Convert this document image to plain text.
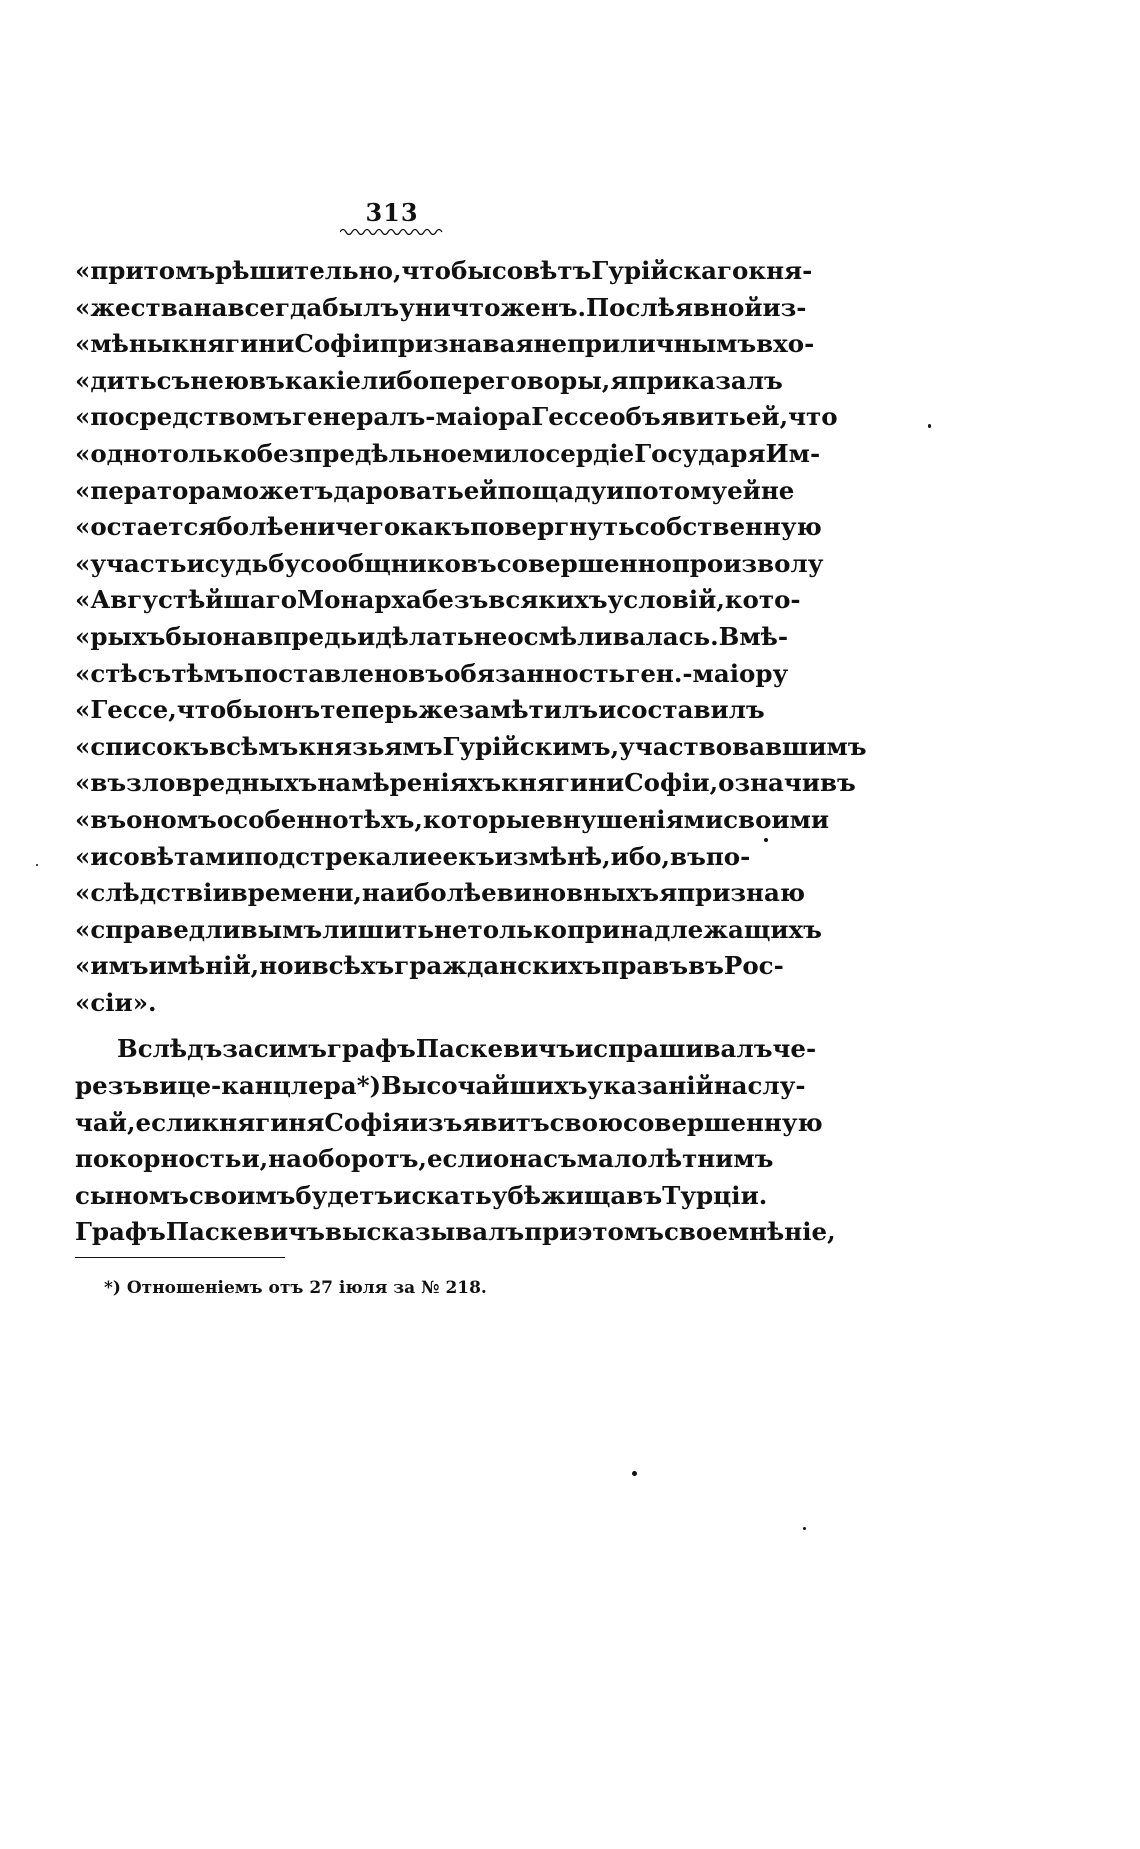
313
«притомъ рѣшительно, чтобы совѣтъ Гурійскаго кня-
«жества навсегда былъ уничтоженъ. Послѣ явной из-
«мѣны княгини Софіи признавая неприличнымъ вхо-
«дить съ нею въ какіе либо переговоры, я приказалъ
«посредствомъ генералъ-маіора Гессе объявить ей, что
«одно только безпредѣльное милосердіе Государя Им-
«ператора можетъ даровать ей пощаду и потому ей не
«остается болѣе ничего какъ повергнуть собственную
«участь и судьбу сообщниковъ совершенно произволу
«Августѣйшаго Монарха безъ всякихъ условій, кото-
«рыхъ бы она впредь и дѣлать не осмѣливалась. Вмѣ-
«стѣ съ тѣмъ поставлено въ обязанность ген.-маіору
«Гессе, чтобы онъ теперь же замѣтилъ и составилъ
«списокъ всѣмъ князьямъ Гурійскимъ, участвовавшимъ
«въ зловредныхъ намѣреніяхъ княгини Софіи, означивъ
«въ ономъ особенно тѣхъ, которые внушеніями своими
«и совѣтами подстрекали ее къ измѣнѣ, ибо, въ по-
«слѣдствіи времени, наиболѣе виновныхъ я признаю
«справедливымъ лишить не только принадлежащихъ
«имъ имѣній, но и всѣхъ гражданскихъ правъ въ Рос-
«сіи».
Вслѣдъ за симъ графъ Паскевичъ испрашивалъ че-
резъ вице-канцлера *) Высочайшихъ указаній на слу-
чай, если княгиня Софія изъявитъ свою совершенную
покорность и, наоборотъ, если она съ малолѣтнимъ
сыномъ своимъ будетъ искать убѣжища въ Турціи.
Графъ Паскевичъ высказывалъ при этомъ свое мнѣніе,
*) Отношеніемъ отъ 27 іюля за № 218.
